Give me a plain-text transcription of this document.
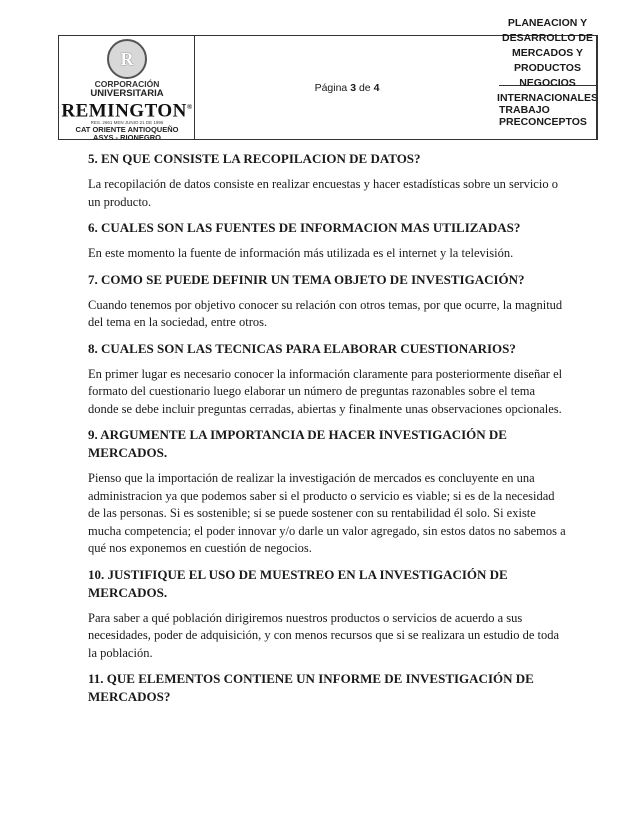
R
CORPORACIÓN
UNIVERSITARIA
REMINGTON®
RES. 2661 MEN JUNIO 21 DE 1996
CAT ORIENTE ANTIOQUEÑO
ASYS - RIONEGRO
PLANEACION Y DESARROLLO DE MERCADOS Y PRODUCTOS NEGOCIOS INTERNACIONALES
Página
3
de
4
TRABAJO PRECONCEPTOS

5. EN QUE CONSISTE LA RECOPILACION DE DATOS?

La recopilación de datos consiste en realizar encuestas y hacer estadísticas sobre un servicio o un producto.

6. CUALES SON LAS FUENTES DE INFORMACION MAS UTILIZADAS?

En este momento la fuente de información más utilizada es el internet y la televisión.

7. COMO SE PUEDE DEFINIR UN TEMA OBJETO DE INVESTIGACIÓN?

Cuando tenemos por objetivo conocer su relación con otros temas, por que ocurre, la magnitud del tema en la sociedad, entre otros.

8. CUALES SON LAS TECNICAS PARA ELABORAR CUESTIONARIOS?

En primer lugar es necesario conocer la información claramente para posteriormente diseñar el formato del cuestionario luego elaborar un número de preguntas razonables sobre el tema donde se debe incluir preguntas cerradas, abiertas y finalmente unas observaciones opcionales.

9. ARGUMENTE LA IMPORTANCIA DE HACER INVESTIGACIÓN DE MERCADOS.

Pienso que la importación de realizar la investigación de mercados es concluyente en una administracion ya que podemos saber si el producto o servicio es viable; si es de la necesidad de las personas. Si es sostenible; si se puede sostener con su rentabilidad él solo. Si existe mucha competencia; el poder innovar y/o darle un valor agregado, sin estos datos no sabemos a qué nos exponemos en cuestión de negocios.

10. JUSTIFIQUE EL USO DE MUESTREO EN LA INVESTIGACIÓN DE MERCADOS.

Para saber a qué población dirigiremos nuestros productos o servicios de acuerdo a sus necesidades, poder de adquisición, y con menos recursos que si se realizara un estudio de toda la población.

11. QUE ELEMENTOS CONTIENE UN INFORME DE INVESTIGACIÓN DE MERCADOS?
